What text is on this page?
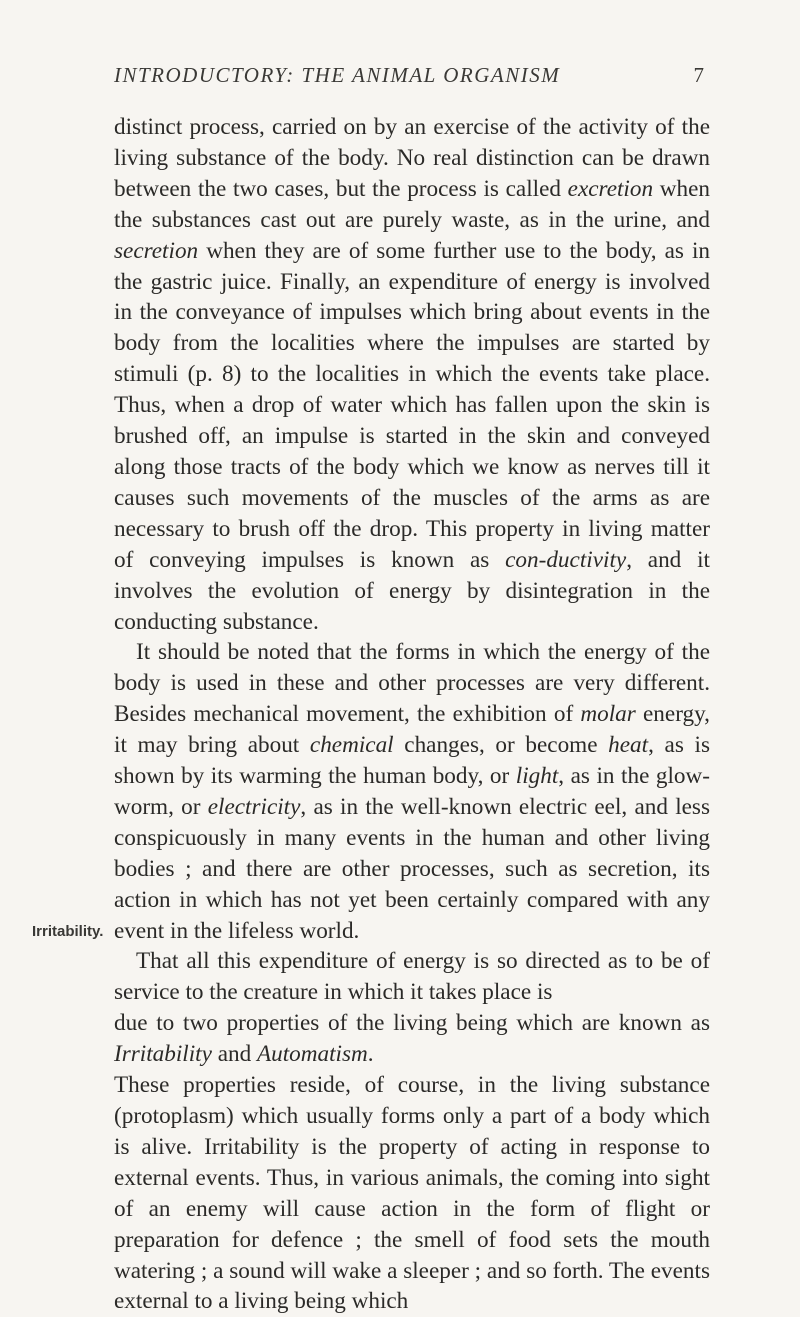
INTRODUCTORY: THE ANIMAL ORGANISM	7
Irritability.

distinct process, carried on by an exercise of the activity of the living substance of the body. No real distinction can be drawn between the two cases, but the process is called excretion when the substances cast out are purely waste, as in the urine, and secretion when they are of some further use to the body, as in the gastric juice. Finally, an expenditure of energy is involved in the conveyance of impulses which bring about events in the body from the localities where the impulses are started by stimuli (p. 8) to the localities in which the events take place. Thus, when a drop of water which has fallen upon the skin is brushed off, an impulse is started in the skin and conveyed along those tracts of the body which we know as nerves till it causes such movements of the muscles of the arms as are necessary to brush off the drop. This property in living matter of conveying impulses is known as con-ductivity, and it involves the evolution of energy by disintegration in the conducting substance.

It should be noted that the forms in which the energy of the body is used in these and other processes are very different. Besides mechanical movement, the exhibition of molar energy, it may bring about chemical changes, or become heat, as is shown by its warming the human body, or light, as in the glow-worm, or electricity, as in the well-known electric eel, and less conspicuously in many events in the human and other living bodies ; and there are other processes, such as secretion, its action in which has not yet been certainly compared with any event in the lifeless world.

That all this expenditure of energy is so directed as to be of service to the creature in which it takes place is

due to two properties of the living being which are known as Irritability and Automatism.

These properties reside, of course, in the living substance (protoplasm) which usually forms only a part of a body which is alive. Irritability is the property of acting in response to external events. Thus, in various animals, the coming into sight of an enemy will cause action in the form of flight or preparation for defence ; the smell of food sets the mouth watering ; a sound will wake a sleeper ; and so forth. The events external to a living being which
